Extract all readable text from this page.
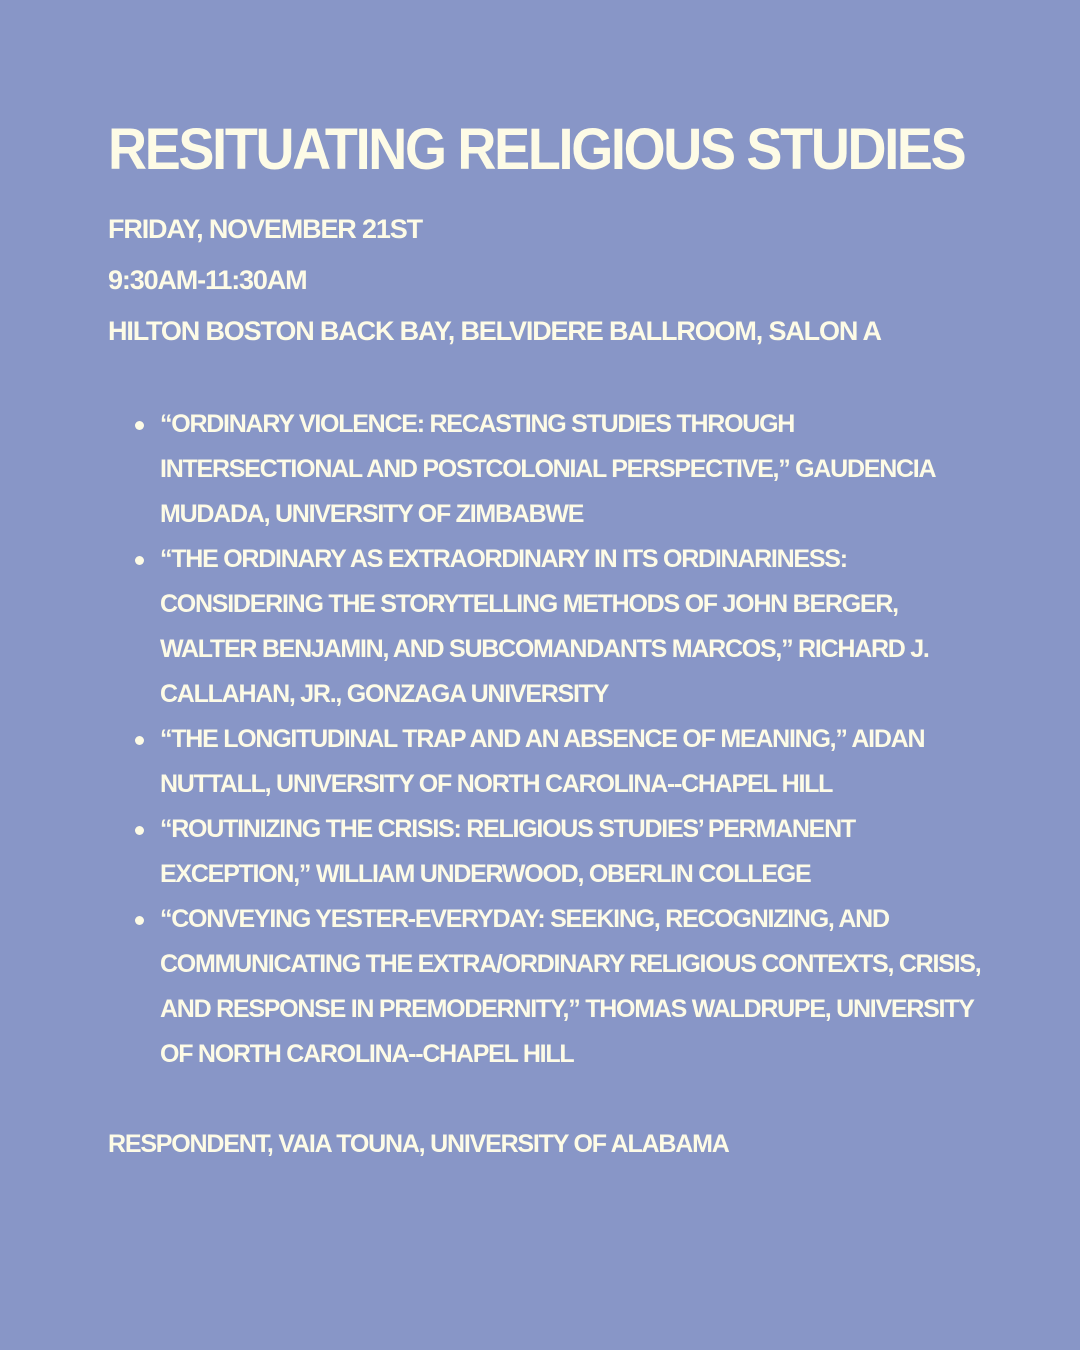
RESITUATING RELIGIOUS STUDIES

FRIDAY, NOVEMBER 21ST

9:30AM-11:30AM

HILTON BOSTON BACK BAY, BELVIDERE BALLROOM, SALON A

“ORDINARY VIOLENCE: RECASTING STUDIES THROUGH INTERSECTIONAL AND POSTCOLONIAL PERSPECTIVE,” GAUDENCIA MUDADA, UNIVERSITY OF ZIMBABWE
“THE ORDINARY AS EXTRAORDINARY IN ITS ORDINARINESS: CONSIDERING THE STORYTELLING METHODS OF JOHN BERGER, WALTER BENJAMIN, AND SUBCOMANDANTS MARCOS,” RICHARD J. CALLAHAN, JR., GONZAGA UNIVERSITY
“THE LONGITUDINAL TRAP AND AN ABSENCE OF MEANING,” AIDAN NUTTALL, UNIVERSITY OF NORTH CAROLINA--CHAPEL HILL
“ROUTINIZING THE CRISIS: RELIGIOUS STUDIES’ PERMANENT EXCEPTION,” WILLIAM UNDERWOOD, OBERLIN COLLEGE
“CONVEYING YESTER-EVERYDAY: SEEKING, RECOGNIZING, AND COMMUNICATING THE EXTRA/ORDINARY RELIGIOUS CONTEXTS, CRISIS, AND RESPONSE IN PREMODERNITY,” THOMAS WALDRUPE, UNIVERSITY OF NORTH CAROLINA--CHAPEL HILL

RESPONDENT, VAIA TOUNA, UNIVERSITY OF ALABAMA
